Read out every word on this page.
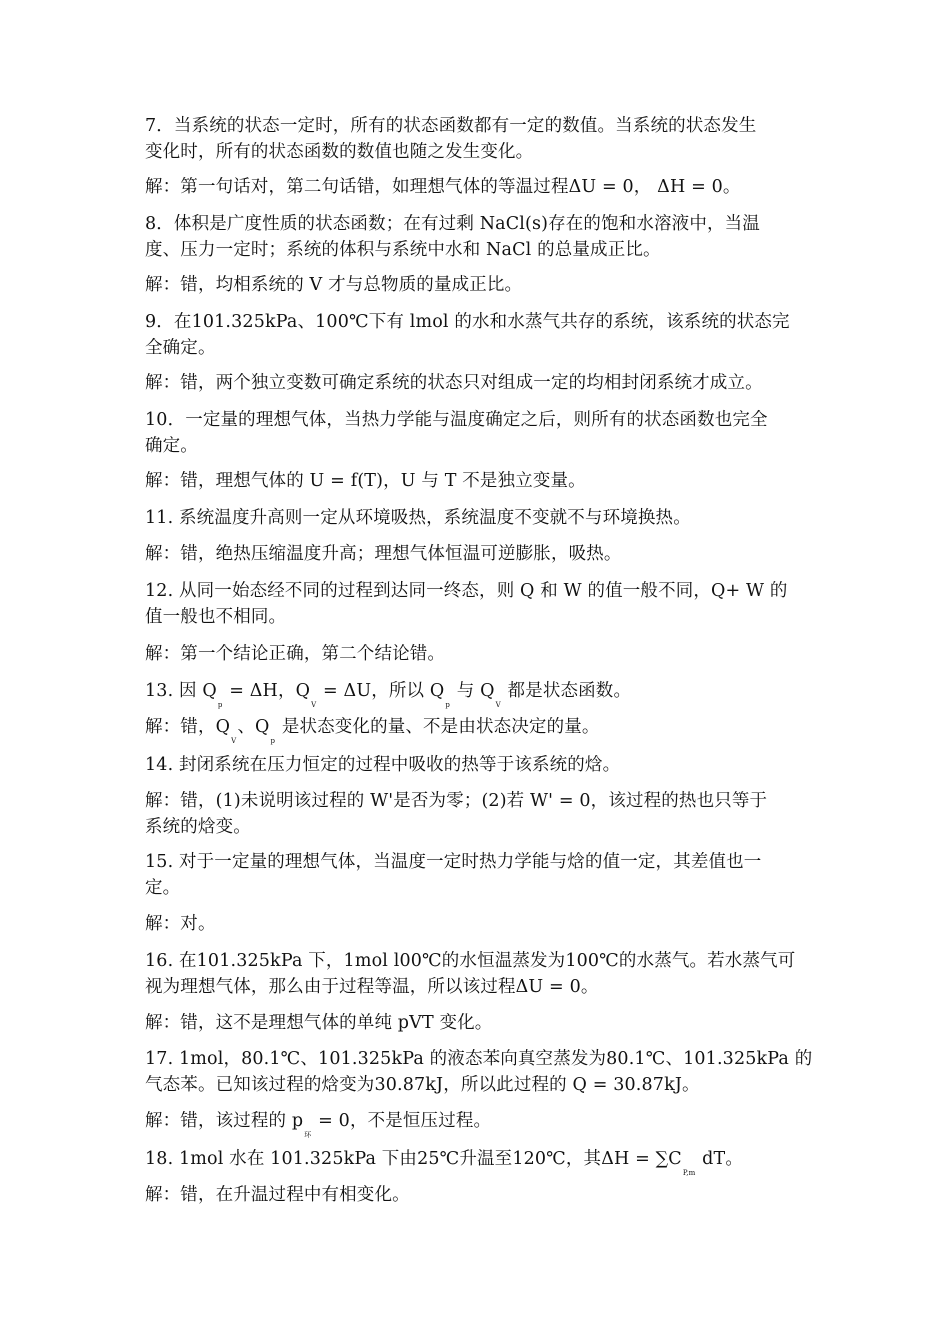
7．当系统的状态一定时，所有的状态函数都有一定的数值。当系统的状态发生
变化时，所有的状态函数的数值也随之发生变化。
解：第一句话对，第二句话错，如理想气体的等温过程ΔU = 0， ΔH = 0。
8．体积是广度性质的状态函数；在有过剩 NaCl(s)存在的饱和水溶液中，当温
度、压力一定时；系统的体积与系统中水和 NaCl 的总量成正比。
解：错，均相系统的 V 才与总物质的量成正比。
9．在101.325kPa、100℃下有 lmol 的水和水蒸气共存的系统，该系统的状态完
全确定。
解：错，两个独立变数可确定系统的状态只对组成一定的均相封闭系统才成立。
10．一定量的理想气体，当热力学能与温度确定之后，则所有的状态函数也完全
确定。
解：错，理想气体的 U = f(T)，U 与 T 不是独立变量。
11. 系统温度升高则一定从环境吸热，系统温度不变就不与环境换热。
解：错，绝热压缩温度升高；理想气体恒温可逆膨胀，吸热。
12. 从同一始态经不同的过程到达同一终态，则 Q 和 W 的值一般不同，Q+ W 的
值一般也不相同。
解：第一个结论正确，第二个结论错。
13. 因 Qp = ΔH，QV = ΔU，所以 Qp 与 QV 都是状态函数。
解：错，QV、Qp 是状态变化的量、不是由状态决定的量。
14. 封闭系统在压力恒定的过程中吸收的热等于该系统的焓。
解：错，(1)未说明该过程的 W'是否为零；(2)若 W' = 0，该过程的热也只等于
系统的焓变。
15. 对于一定量的理想气体，当温度一定时热力学能与焓的值一定，其差值也一
定。
解：对。
16. 在101.325kPa 下，1mol l00℃的水恒温蒸发为100℃的水蒸气。若水蒸气可
视为理想气体，那么由于过程等温，所以该过程ΔU = 0。
解：错，这不是理想气体的单纯 pVT 变化。
17. 1mol，80.1℃、101.325kPa 的液态苯向真空蒸发为80.1℃、101.325kPa 的
气态苯。已知该过程的焓变为30.87kJ，所以此过程的 Q = 30.87kJ。
解：错，该过程的 p环 = 0，不是恒压过程。
18. 1mol 水在 101.325kPa 下由25℃升温至120℃，其ΔH = ∑CP,m dT。
解：错，在升温过程中有相变化。
